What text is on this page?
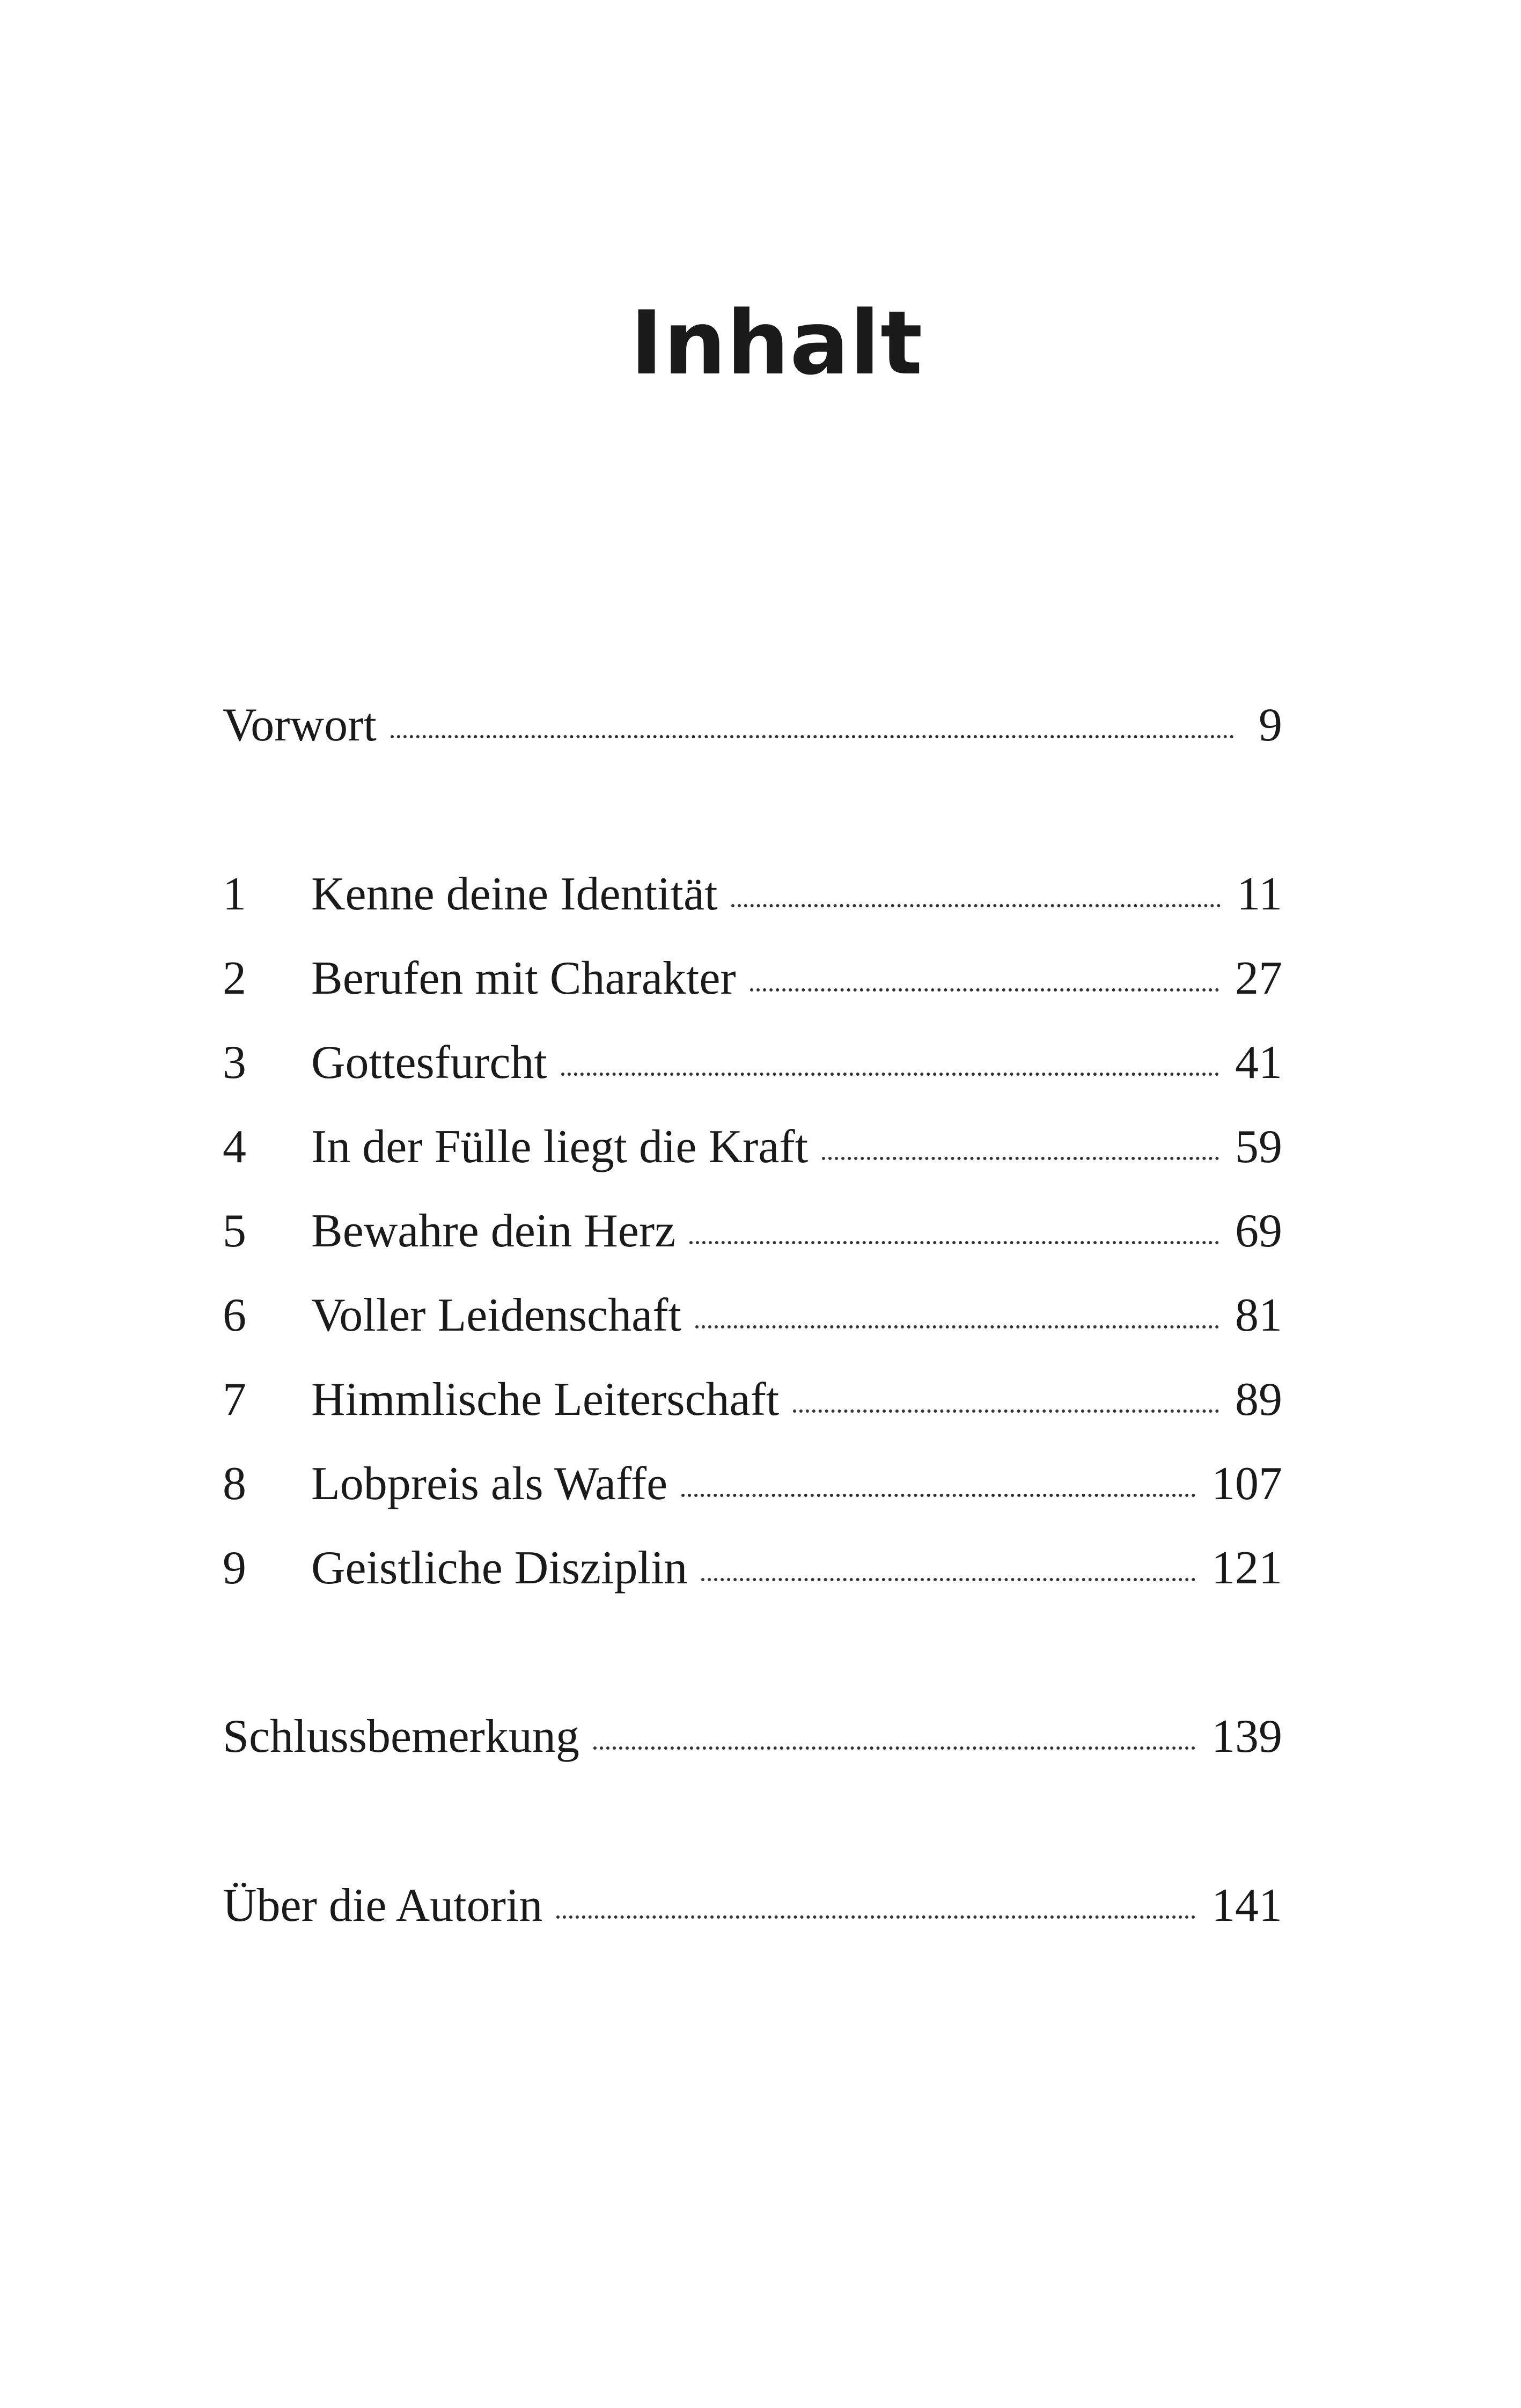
Inhalt
Vorwort	9
1	Kenne deine Identität	11
2	Berufen mit Charakter	27
3	Gottesfurcht	41
4	In der Fülle liegt die Kraft	59
5	Bewahre dein Herz	69
6	Voller Leidenschaft	81
7	Himmlische Leiterschaft	89
8	Lobpreis als Waffe	107
9	Geistliche Disziplin	121
Schlussbemerkung	139
Über die Autorin	141
